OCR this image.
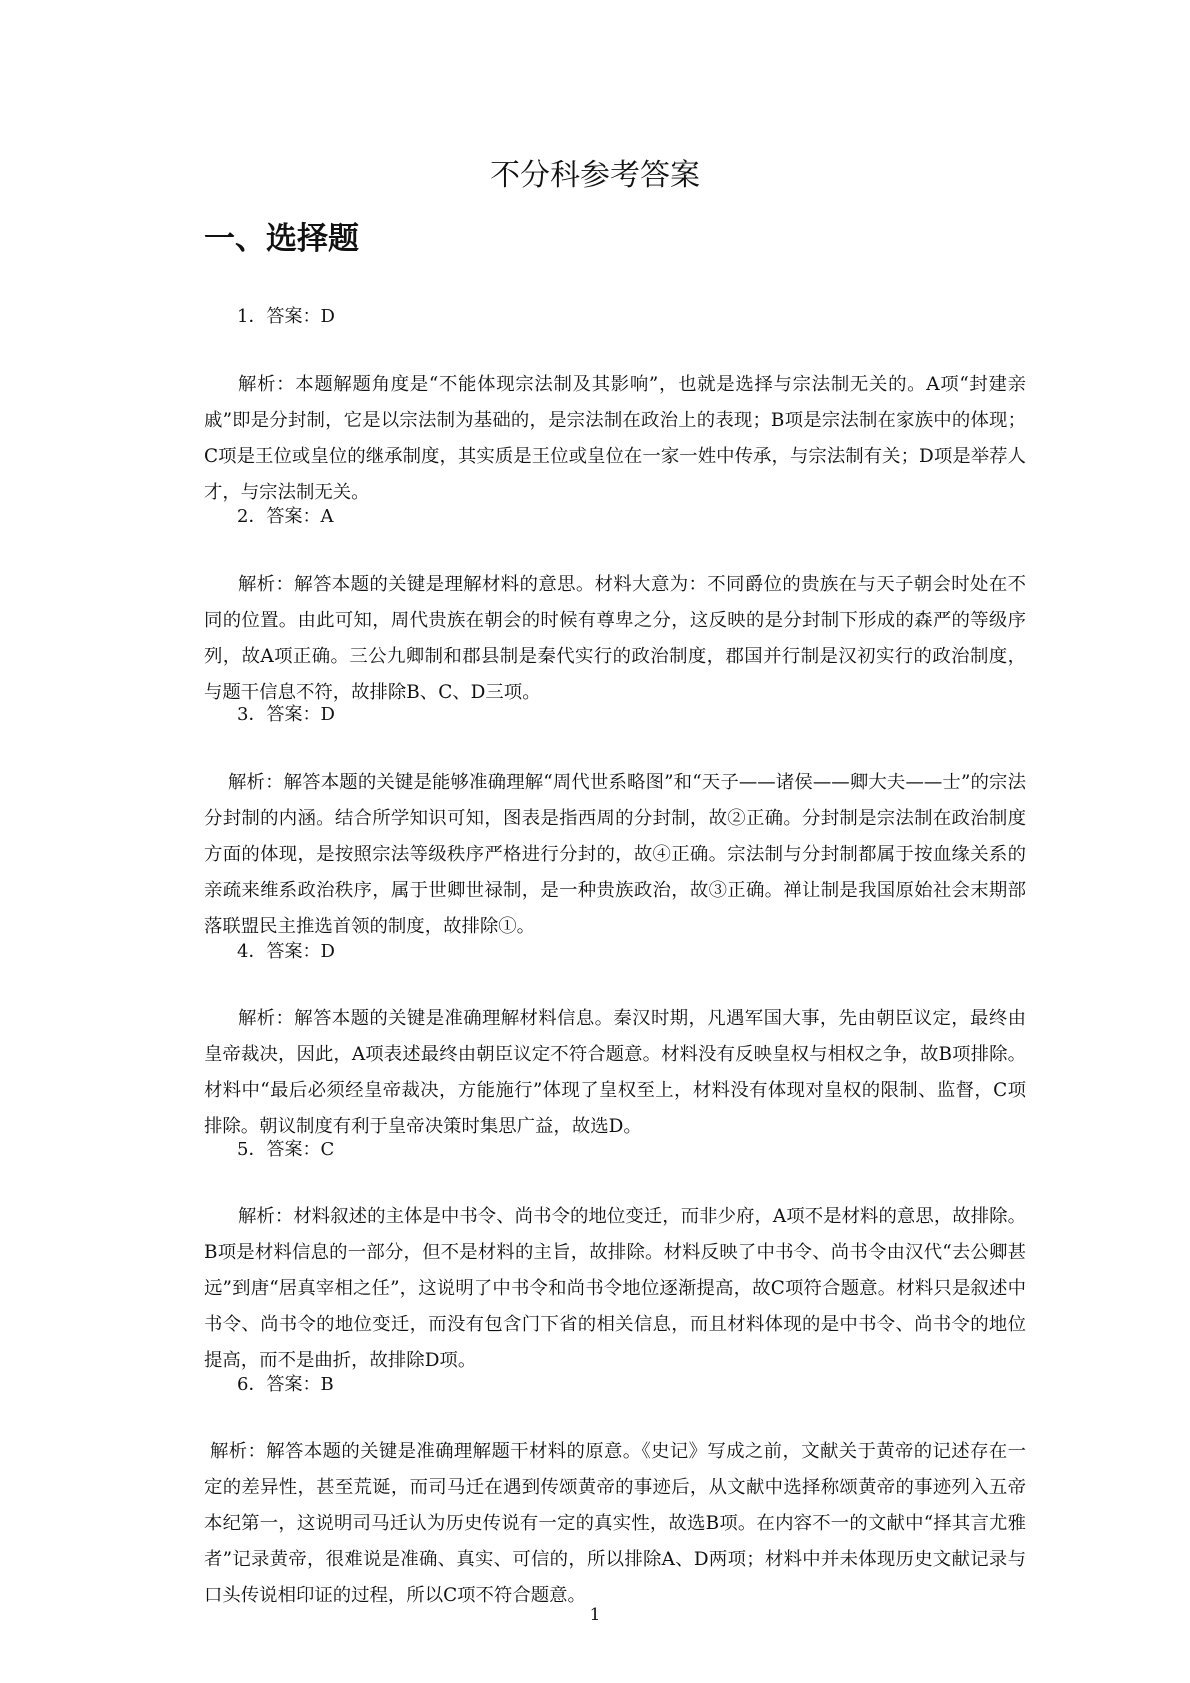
不分科参考答案
一、选择题

1．答案：D

解析：本题解题角度是“不能体现宗法制及其影响”，也就是选择与宗法制无关的。A项“封建亲戚”即是分封制，它是以宗法制为基础的，是宗法制在政治上的表现；B项是宗法制在家族中的体现；C项是王位或皇位的继承制度，其实质是王位或皇位在一家一姓中传承，与宗法制有关；D项是举荐人才，与宗法制无关。

2．答案：A

解析：解答本题的关键是理解材料的意思。材料大意为：不同爵位的贵族在与天子朝会时处在不同的位置。由此可知，周代贵族在朝会的时候有尊卑之分，这反映的是分封制下形成的森严的等级序列，故A项正确。三公九卿制和郡县制是秦代实行的政治制度，郡国并行制是汉初实行的政治制度，与题干信息不符，故排除B、C、D三项。

3．答案：D

解析：解答本题的关键是能够准确理解“周代世系略图”和“天子——诸侯——卿大夫——士”的宗法分封制的内涵。结合所学知识可知，图表是指西周的分封制，故②正确。分封制是宗法制在政治制度方面的体现，是按照宗法等级秩序严格进行分封的，故④正确。宗法制与分封制都属于按血缘关系的亲疏来维系政治秩序，属于世卿世禄制，是一种贵族政治，故③正确。禅让制是我国原始社会末期部落联盟民主推选首领的制度，故排除①。

4．答案：D

解析：解答本题的关键是准确理解材料信息。秦汉时期，凡遇军国大事，先由朝臣议定，最终由皇帝裁决，因此，A项表述最终由朝臣议定不符合题意。材料没有反映皇权与相权之争，故B项排除。材料中“最后必须经皇帝裁决，方能施行”体现了皇权至上，材料没有体现对皇权的限制、监督，C项排除。朝议制度有利于皇帝决策时集思广益，故选D。

5．答案：C

解析：材料叙述的主体是中书令、尚书令的地位变迁，而非少府，A项不是材料的意思，故排除。B项是材料信息的一部分，但不是材料的主旨，故排除。材料反映了中书令、尚书令由汉代“去公卿甚远”到唐“居真宰相之任”，这说明了中书令和尚书令地位逐渐提高，故C项符合题意。材料只是叙述中书令、尚书令的地位变迁，而没有包含门下省的相关信息，而且材料体现的是中书令、尚书令的地位提高，而不是曲折，故排除D项。

6．答案：B

解析：解答本题的关键是准确理解题干材料的原意。《史记》写成之前，文献关于黄帝的记述存在一定的差异性，甚至荒诞，而司马迁在遇到传颂黄帝的事迹后，从文献中选择称颂黄帝的事迹列入五帝本纪第一，这说明司马迁认为历史传说有一定的真实性，故选B项。在内容不一的文献中“择其言尤雅者”记录黄帝，很难说是准确、真实、可信的，所以排除A、D两项；材料中并未体现历史文献记录与口头传说相印证的过程，所以C项不符合题意。

1
